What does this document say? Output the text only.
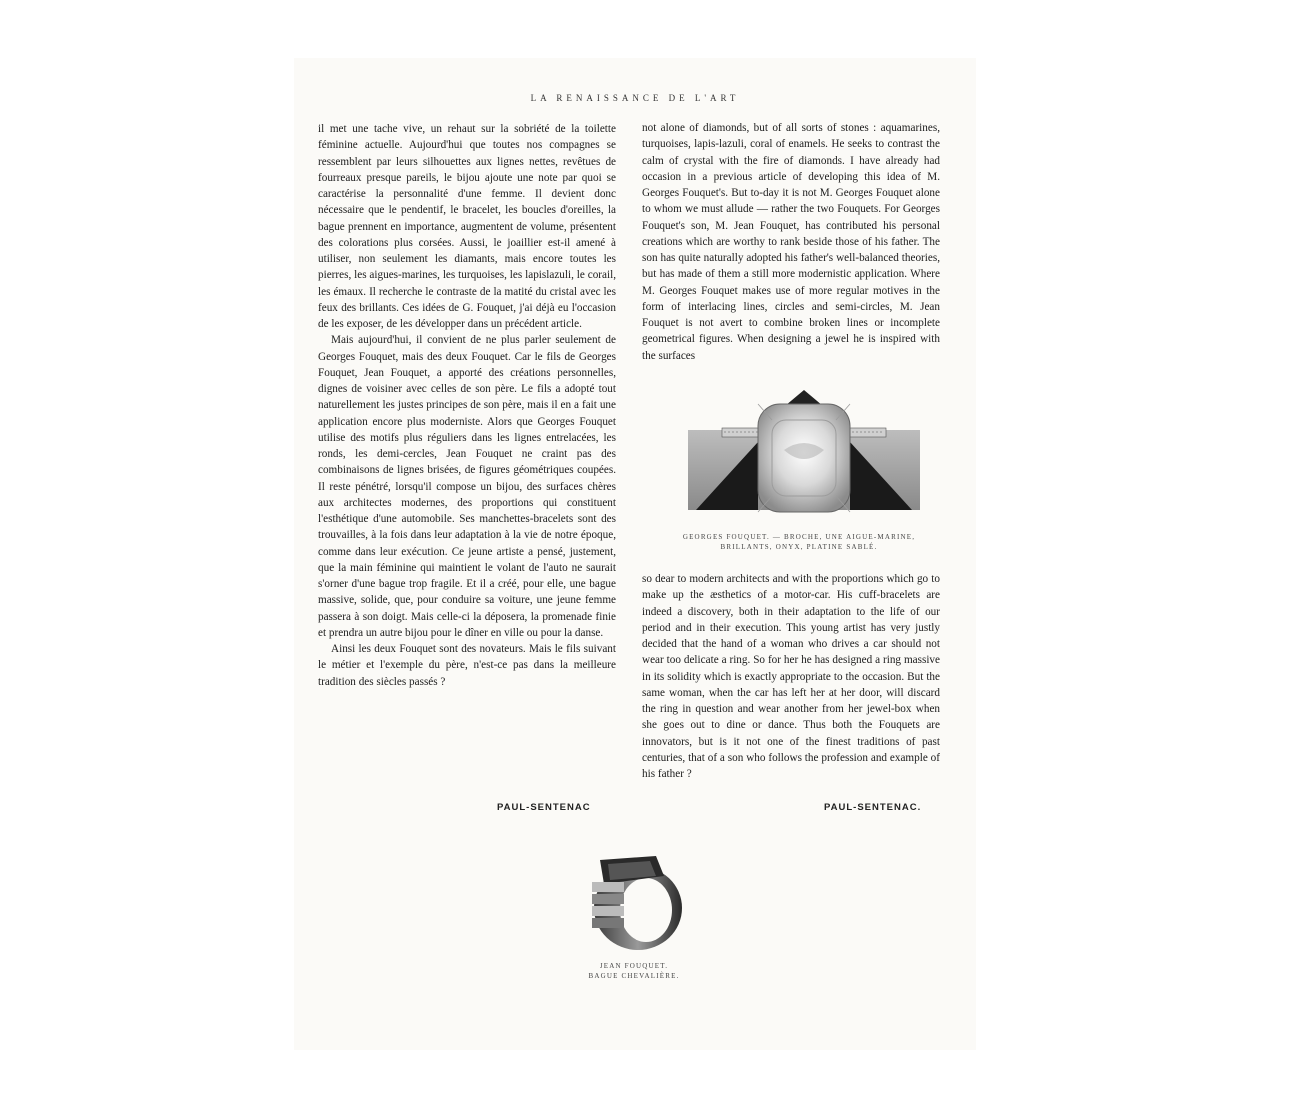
LA RENAISSANCE DE L'ART

il met une tache vive, un rehaut sur la sobriété de la toilette féminine actuelle. Aujourd'hui que toutes nos compagnes se ressemblent par leurs silhouettes aux lignes nettes, revêtues de fourreaux presque pareils, le bijou ajoute une note par quoi se caractérise la personnalité d'une femme. Il devient donc nécessaire que le pendentif, le bracelet, les boucles d'oreilles, la bague prennent en importance, augmentent de volume, présentent des colorations plus corsées. Aussi, le joaillier est-il amené à utiliser, non seulement les diamants, mais encore toutes les pierres, les aigues-marines, les turquoises, les lapislazuli, le corail, les émaux. Il recherche le contraste de la matité du cristal avec les feux des brillants. Ces idées de G. Fouquet, j'ai déjà eu l'occasion de les exposer, de les développer dans un précédent article.

Mais aujourd'hui, il convient de ne plus parler seulement de Georges Fouquet, mais des deux Fouquet. Car le fils de Georges Fouquet, Jean Fouquet, a apporté des créations personnelles, dignes de voisiner avec celles de son père. Le fils a adopté tout naturellement les justes principes de son père, mais il en a fait une application encore plus moderniste. Alors que Georges Fouquet utilise des motifs plus réguliers dans les lignes entrelacées, les ronds, les demi-cercles, Jean Fouquet ne craint pas des combinaisons de lignes brisées, de figures géométriques coupées. Il reste pénétré, lorsqu'il compose un bijou, des surfaces chères aux architectes modernes, des proportions qui constituent l'esthétique d'une automobile. Ses manchettes-bracelets sont des trouvailles, à la fois dans leur adaptation à la vie de notre époque, comme dans leur exécution. Ce jeune artiste a pensé, justement, que la main féminine qui maintient le volant de l'auto ne saurait s'orner d'une bague trop fragile. Et il a créé, pour elle, une bague massive, solide, que, pour conduire sa voiture, une jeune femme passera à son doigt. Mais celle-ci la déposera, la promenade finie et prendra un autre bijou pour le dîner en ville ou pour la danse.

Ainsi les deux Fouquet sont des novateurs. Mais le fils suivant le métier et l'exemple du père, n'est-ce pas dans la meilleure tradition des siècles passés ?

PAUL-SENTENAC

not alone of diamonds, but of all sorts of stones : aquamarines, turquoises, lapis-lazuli, coral of enamels. He seeks to contrast the calm of crystal with the fire of diamonds. I have already had occasion in a previous article of developing this idea of M. Georges Fouquet's. But to-day it is not M. Georges Fouquet alone to whom we must allude — rather the two Fouquets. For Georges Fouquet's son, M. Jean Fouquet, has contributed his personal creations which are worthy to rank beside those of his father. The son has quite naturally adopted his father's well-balanced theories, but has made of them a still more modernistic application. Where M. Georges Fouquet makes use of more regular motives in the form of interlacing lines, circles and semi-circles, M. Jean Fouquet is not avert to combine broken lines or incomplete geometrical figures. When designing a jewel he is inspired with the surfaces

GEORGES FOUQUET. — BROCHE, UNE AIGUE-MARINE,
BRILLANTS, ONYX, PLATINE SABLÉ.

so dear to modern architects and with the proportions which go to make up the æsthetics of a motor-car. His cuff-bracelets are indeed a discovery, both in their adaptation to the life of our period and in their execution. This young artist has very justly decided that the hand of a woman who drives a car should not wear too delicate a ring. So for her he has designed a ring massive in its solidity which is exactly appropriate to the occasion. But the same woman, when the car has left her at her door, will discard the ring in question and wear another from her jewel-box when she goes out to dine or dance. Thus both the Fouquets are innovators, but is it not one of the finest traditions of past centuries, that of a son who follows the profession and example of his father ?

PAUL-SENTENAC.
JEAN FOUQUET.
BAGUE CHEVALIÈRE.
